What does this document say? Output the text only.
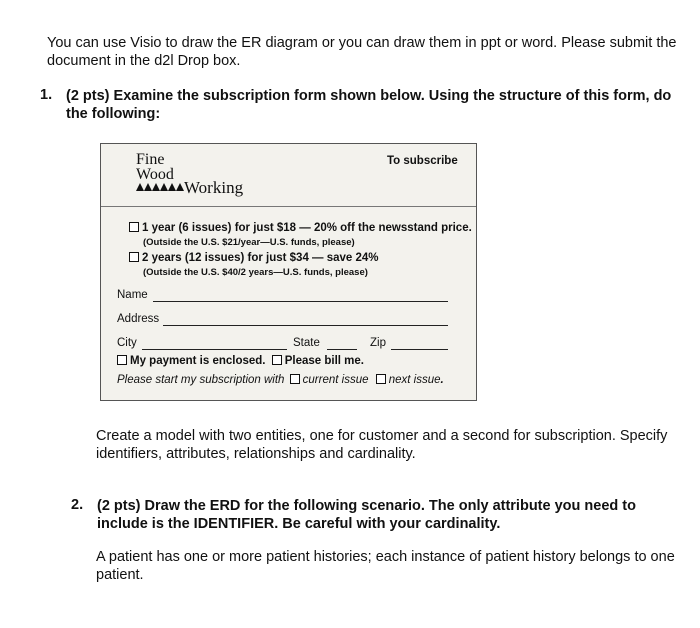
You can use Visio to draw the ER diagram or you can draw them in ppt or word. Please submit the document in the d2l Drop box.
1. (2 pts) Examine the subscription form shown below. Using the structure of this form, do the following:
Fine
Wood
Working
To subscribe
1 year (6 issues) for just $18 — 20% off the newsstand price.
(Outside the U.S. $21/year—U.S. funds, please)
2 years (12 issues) for just $34 — save 24%
(Outside the U.S. $40/2 years—U.S. funds, please)
Name
Address
City	State	Zip
My payment is enclosed. Please bill me.
Please start my subscription with current issue next issue.
Create a model with two entities, one for customer and a second for subscription. Specify identifiers, attributes, relationships and cardinality.
2. (2 pts) Draw the ERD for the following scenario. The only attribute you need to include is the IDENTIFIER. Be careful with your cardinality.
A patient has one or more patient histories; each instance of patient history belongs to one patient.
